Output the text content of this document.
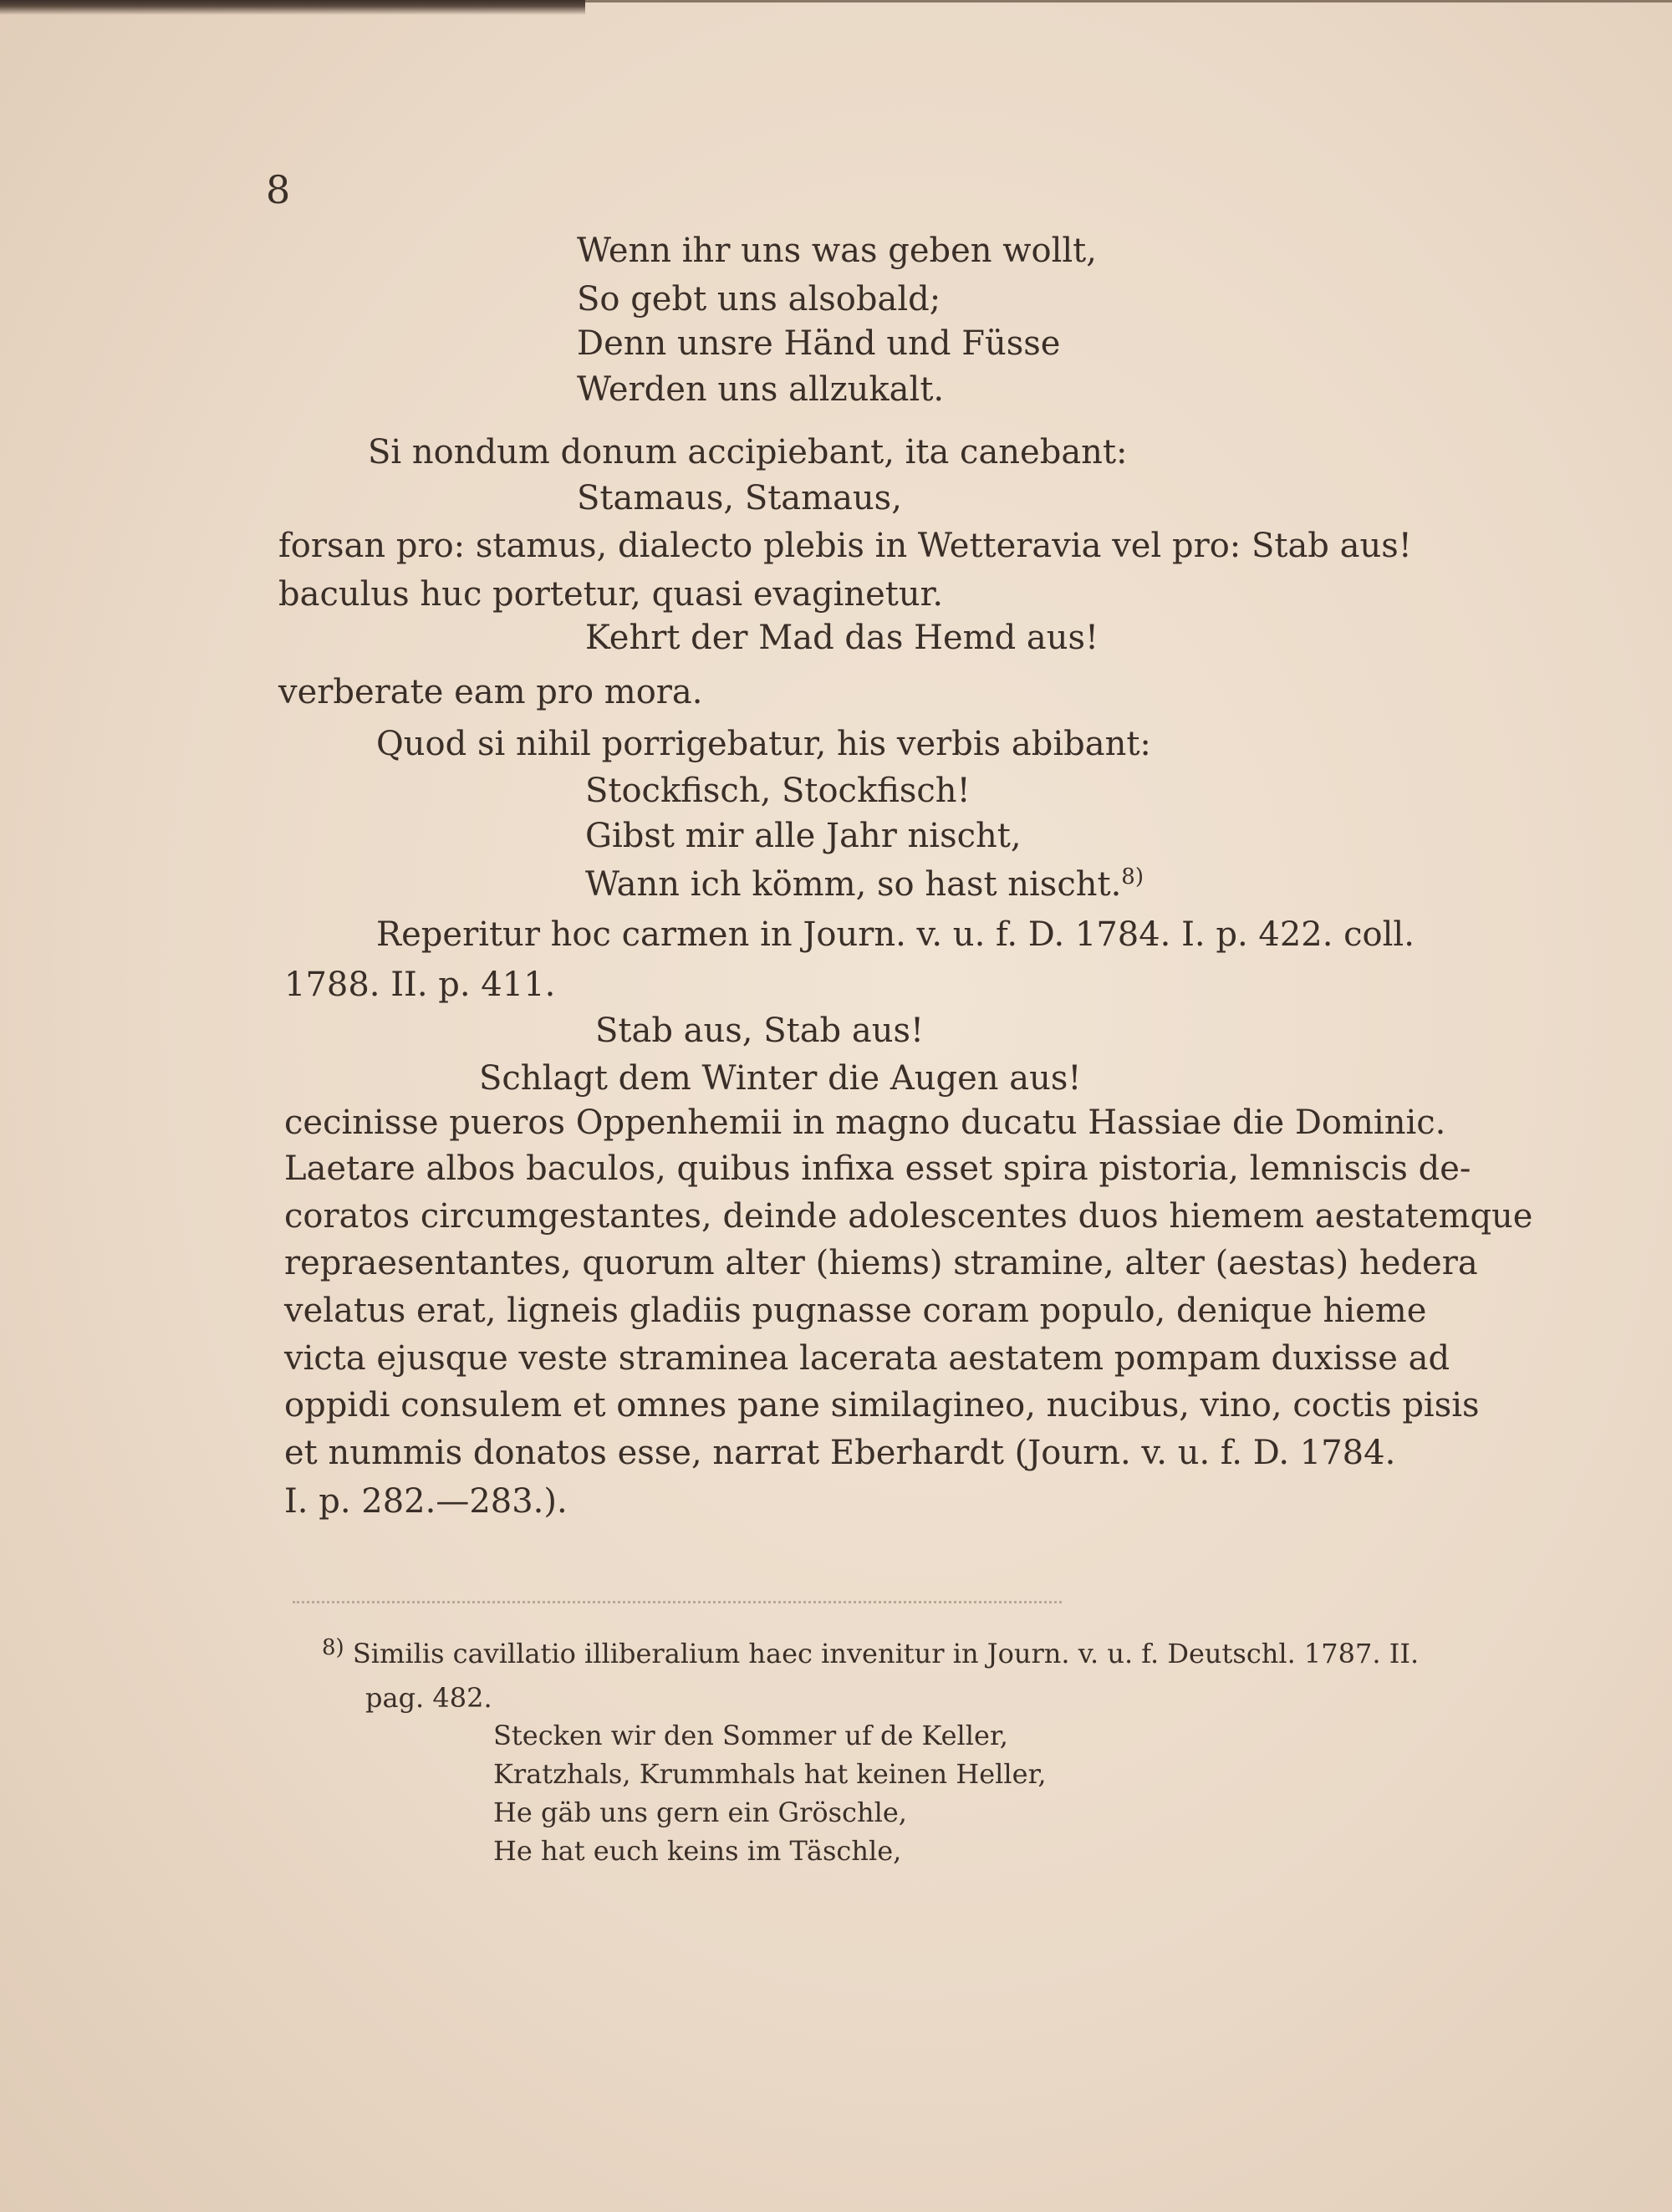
8
Wenn ihr uns was geben wollt,
So gebt uns alsobald;
Denn unsre Händ und Füsse
Werden uns allzukalt.
Si nondum donum accipiebant, ita canebant:
Stamaus, Stamaus,
forsan pro: stamus, dialecto plebis in Wetteravia vel pro: Stab aus!
baculus huc portetur, quasi evaginetur.
Kehrt der Mad das Hemd aus!
verberate eam pro mora.
Quod si nihil porrigebatur, his verbis abibant:
Stockfisch, Stockfisch!
Gibst mir alle Jahr nischt,
Wann ich kömm, so hast nischt.$^{8)}$
Reperitur hoc carmen in Journ. v. u. f. D. 1784. I. p. 422. coll.
1788. II. p. 411.
Stab aus, Stab aus!
Schlagt dem Winter die Augen aus!
cecinisse pueros Oppenhemii in magno ducatu Hassiae die Dominic.
Laetare albos baculos, quibus infixa esset spira pistoria, lemniscis de-
coratos circumgestantes, deinde adolescentes duos hiemem aestatemque
repraesentantes, quorum alter (hiems) stramine, alter (aestas) hedera
velatus erat, ligneis gladiis pugnasse coram populo, denique hieme
victa ejusque veste straminea lacerata aestatem pompam duxisse ad
oppidi consulem et omnes pane similagineo, nucibus, vino, coctis pisis
et nummis donatos esse, narrat Eberhardt (Journ. v. u. f. D. 1784.
I. p. 282.—283.).
$^{8)}$ Similis cavillatio illiberalium haec invenitur in Journ. v. u. f. Deutschl. 1787. II.
pag. 482.
Stecken wir den Sommer uf de Keller,
Kratzhals, Krummhals hat keinen Heller,
He gäb uns gern ein Gröschle,
He hat euch keins im Täschle,
